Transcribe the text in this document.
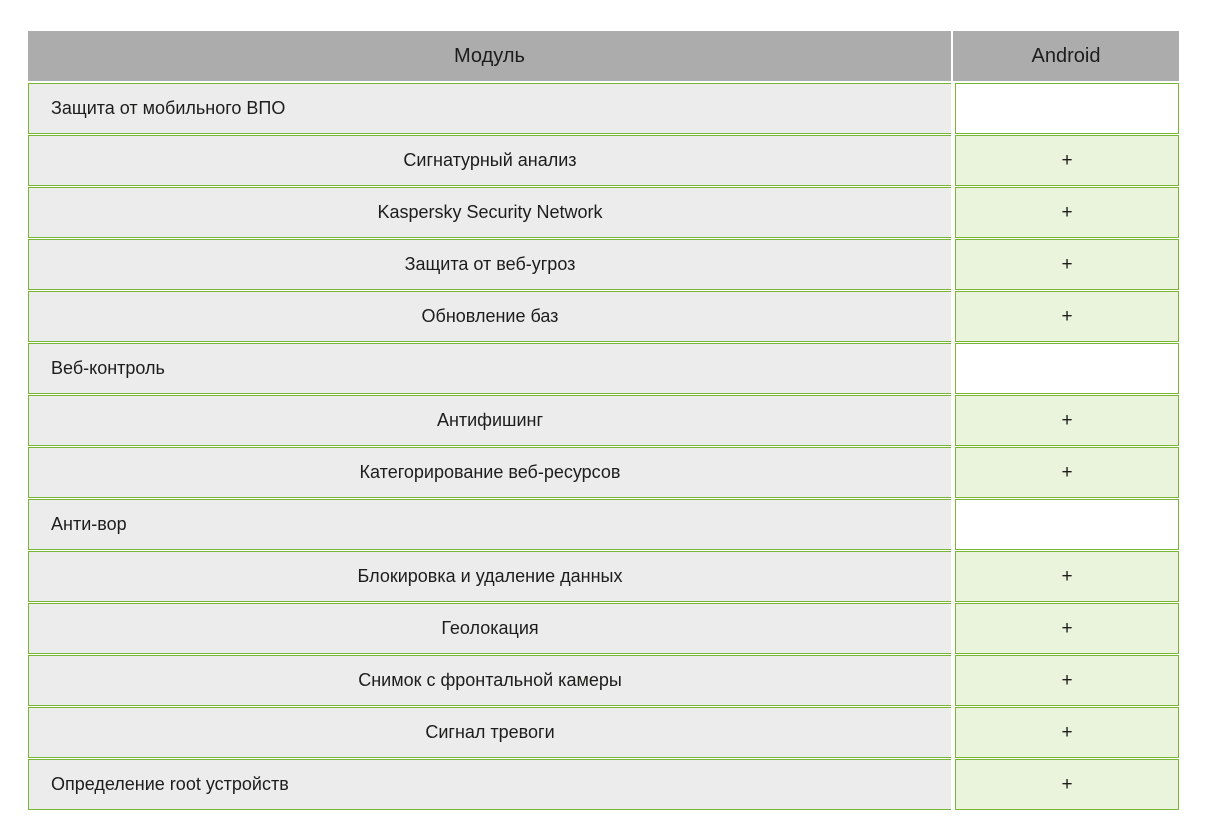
Модуль	Android
Защита от мобильного ВПО
Сигнатурный анализ	+
Kaspersky Security Network	+
Защита от веб-угроз	+
Обновление баз	+
Веб-контроль
Антифишинг	+
Категорирование веб-ресурсов	+
Анти-вор
Блокировка и удаление данных	+
Геолокация	+
Снимок с фронтальной камеры	+
Сигнал тревоги	+
Определение root устройств	+
